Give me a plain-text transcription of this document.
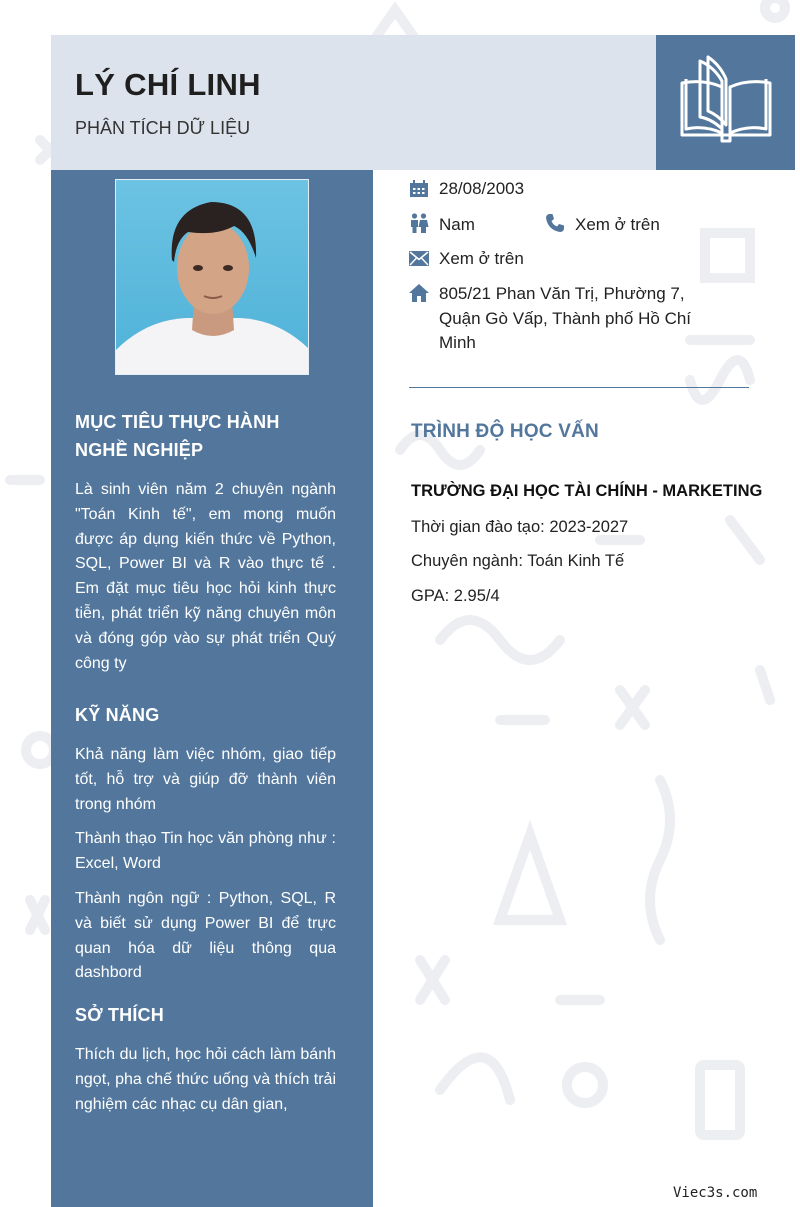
LÝ CHÍ LINH
PHÂN TÍCH DỮ LIỆU
MỤC TIÊU THỰC HÀNH NGHỀ NGHIỆP

Là sinh viên năm 2 chuyên ngành "Toán Kinh tế", em mong muốn được áp dụng kiến thức về Python, SQL, Power BI và R vào thực tế . Em đặt mục tiêu học hỏi kinh thực tiễn, phát triển kỹ năng chuyên môn và đóng góp vào sự phát triển Quý công ty

KỸ NĂNG

Khả năng làm việc nhóm, giao tiếp tốt, hỗ trợ và giúp đỡ thành viên trong nhóm

Thành thạo Tin học văn phòng như : Excel, Word

Thành ngôn ngữ : Python, SQL, R và biết sử dụng Power BI để trực quan hóa dữ liệu thông qua dashbord

SỞ THÍCH

Thích du lịch, học hỏi cách làm bánh ngọt, pha chế thức uống và thích trải nghiệm các nhạc cụ dân gian,

28/08/2003
Nam	Xem ở trên
Xem ở trên
805/21 Phan Văn Trị, Phường 7, Quận Gò Vấp, Thành phố Hồ Chí Minh
TRÌNH ĐỘ HỌC VẤN
TRƯỜNG ĐẠI HỌC TÀI CHÍNH - MARKETING
Thời gian đào tạo: 2023-2027
Chuyên ngành: Toán Kinh Tế
GPA: 2.95/4
Viec3s.com
